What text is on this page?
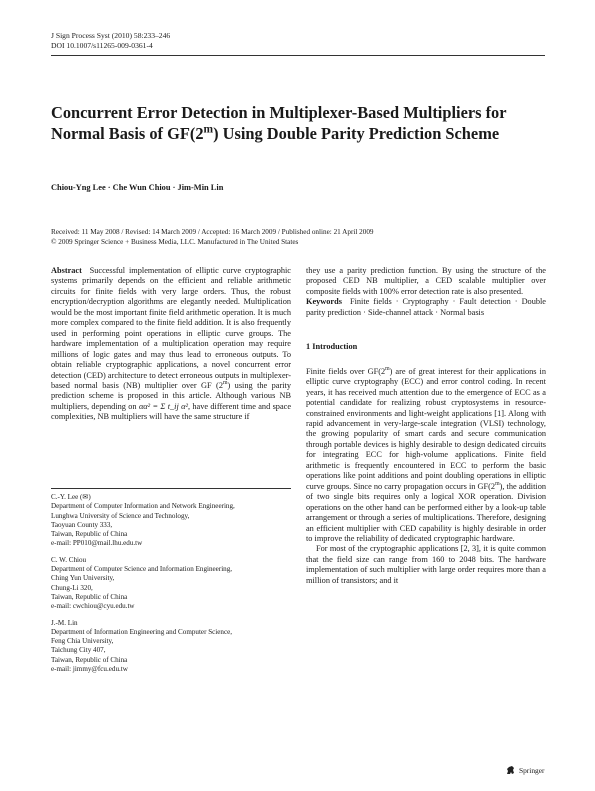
J Sign Process Syst (2010) 58:233–246
DOI 10.1007/s11265-009-0361-4
Concurrent Error Detection in Multiplexer-Based Multipliers for Normal Basis of GF(2$^m$) Using Double Parity Prediction Scheme
Chiou-Yng Lee · Che Wun Chiou · Jim-Min Lin
Received: 11 May 2008 / Revised: 14 March 2009 / Accepted: 16 March 2009 / Published online: 21 April 2009
© 2009 Springer Science + Business Media, LLC. Manufactured in The United States

Abstract Successful implementation of elliptic curve cryptographic systems primarily depends on the efficient and reliable arithmetic circuits for finite fields with very large orders. Thus, the robust encryption/decryption algorithms are elegantly needed. Multiplication would be the most important finite field arithmetic operation. It is much more complex compared to the finite field addition. It is also frequently used in performing point operations in elliptic curve groups. The hardware implementation of a multiplication operation may require millions of logic gates and may thus lead to erroneous outputs. To obtain reliable cryptographic applications, a novel concurrent error detection (CED) architecture to detect erroneous outputs in multiplexer-based normal basis (NB) multiplier over GF (2$^m$) using the parity prediction scheme is proposed in this article. Although various NB multipliers, depending on αα² = Σ t_ij α², have different time and space complexities, NB multipliers will have the same structure if

C.-Y. Lee (✉)
Department of Computer Information and Network Engineering,
Lunghwa University of Science and Technology,
Taoyuan County 333,
Taiwan, Republic of China
e-mail: PP010@mail.lhu.edu.tw
C. W. Chiou
Department of Computer Science and Information Engineering,
Ching Yun University,
Chung-Li 320,
Taiwan, Republic of China
e-mail: cwchiou@cyu.edu.tw
J.-M. Lin
Department of Information Engineering and Computer Science,
Feng Chia University,
Taichung City 407,
Taiwan, Republic of China
e-mail: jimmy@fcu.edu.tw

they use a parity prediction function. By using the structure of the proposed CED NB multiplier, a CED scalable multiplier over composite fields with 100% error detection rate is also presented.

Keywords Finite fields · Cryptography · Fault detection · Double parity prediction · Side-channel attack · Normal basis

1 Introduction

Finite fields over GF(2$^m$) are of great interest for their applications in elliptic curve cryptography (ECC) and error control coding. In recent years, it has received much attention due to the emergence of ECC as a potential candidate for realizing robust cryptosystems in resource-constrained environments and light-weight applications [1]. Along with rapid advancement in very-large-scale integration (VLSI) technology, the growing popularity of smart cards and secure communication through portable devices is highly desirable to design dedicated circuits for integrating ECC for high-volume applications. Finite field arithmetic is frequently encountered in ECC to perform the basic operations like point additions and point doubling operations in elliptic curve groups. Since no carry propagation occurs in GF(2$^m$), the addition of two single bits requires only a logical XOR operation. Division operations on the other hand can be performed either by a look-up table arrangement or through a series of multiplications. Therefore, designing an efficient multiplier with CED capability is highly desirable in order to improve the reliability of dedicated cryptographic hardware.

For most of the cryptographic applications [2, 3], it is quite common that the field size can range from 160 to 2048 bits. The hardware implementation of such multiplier with large order requires more than a million of transistors; and it

Springer
